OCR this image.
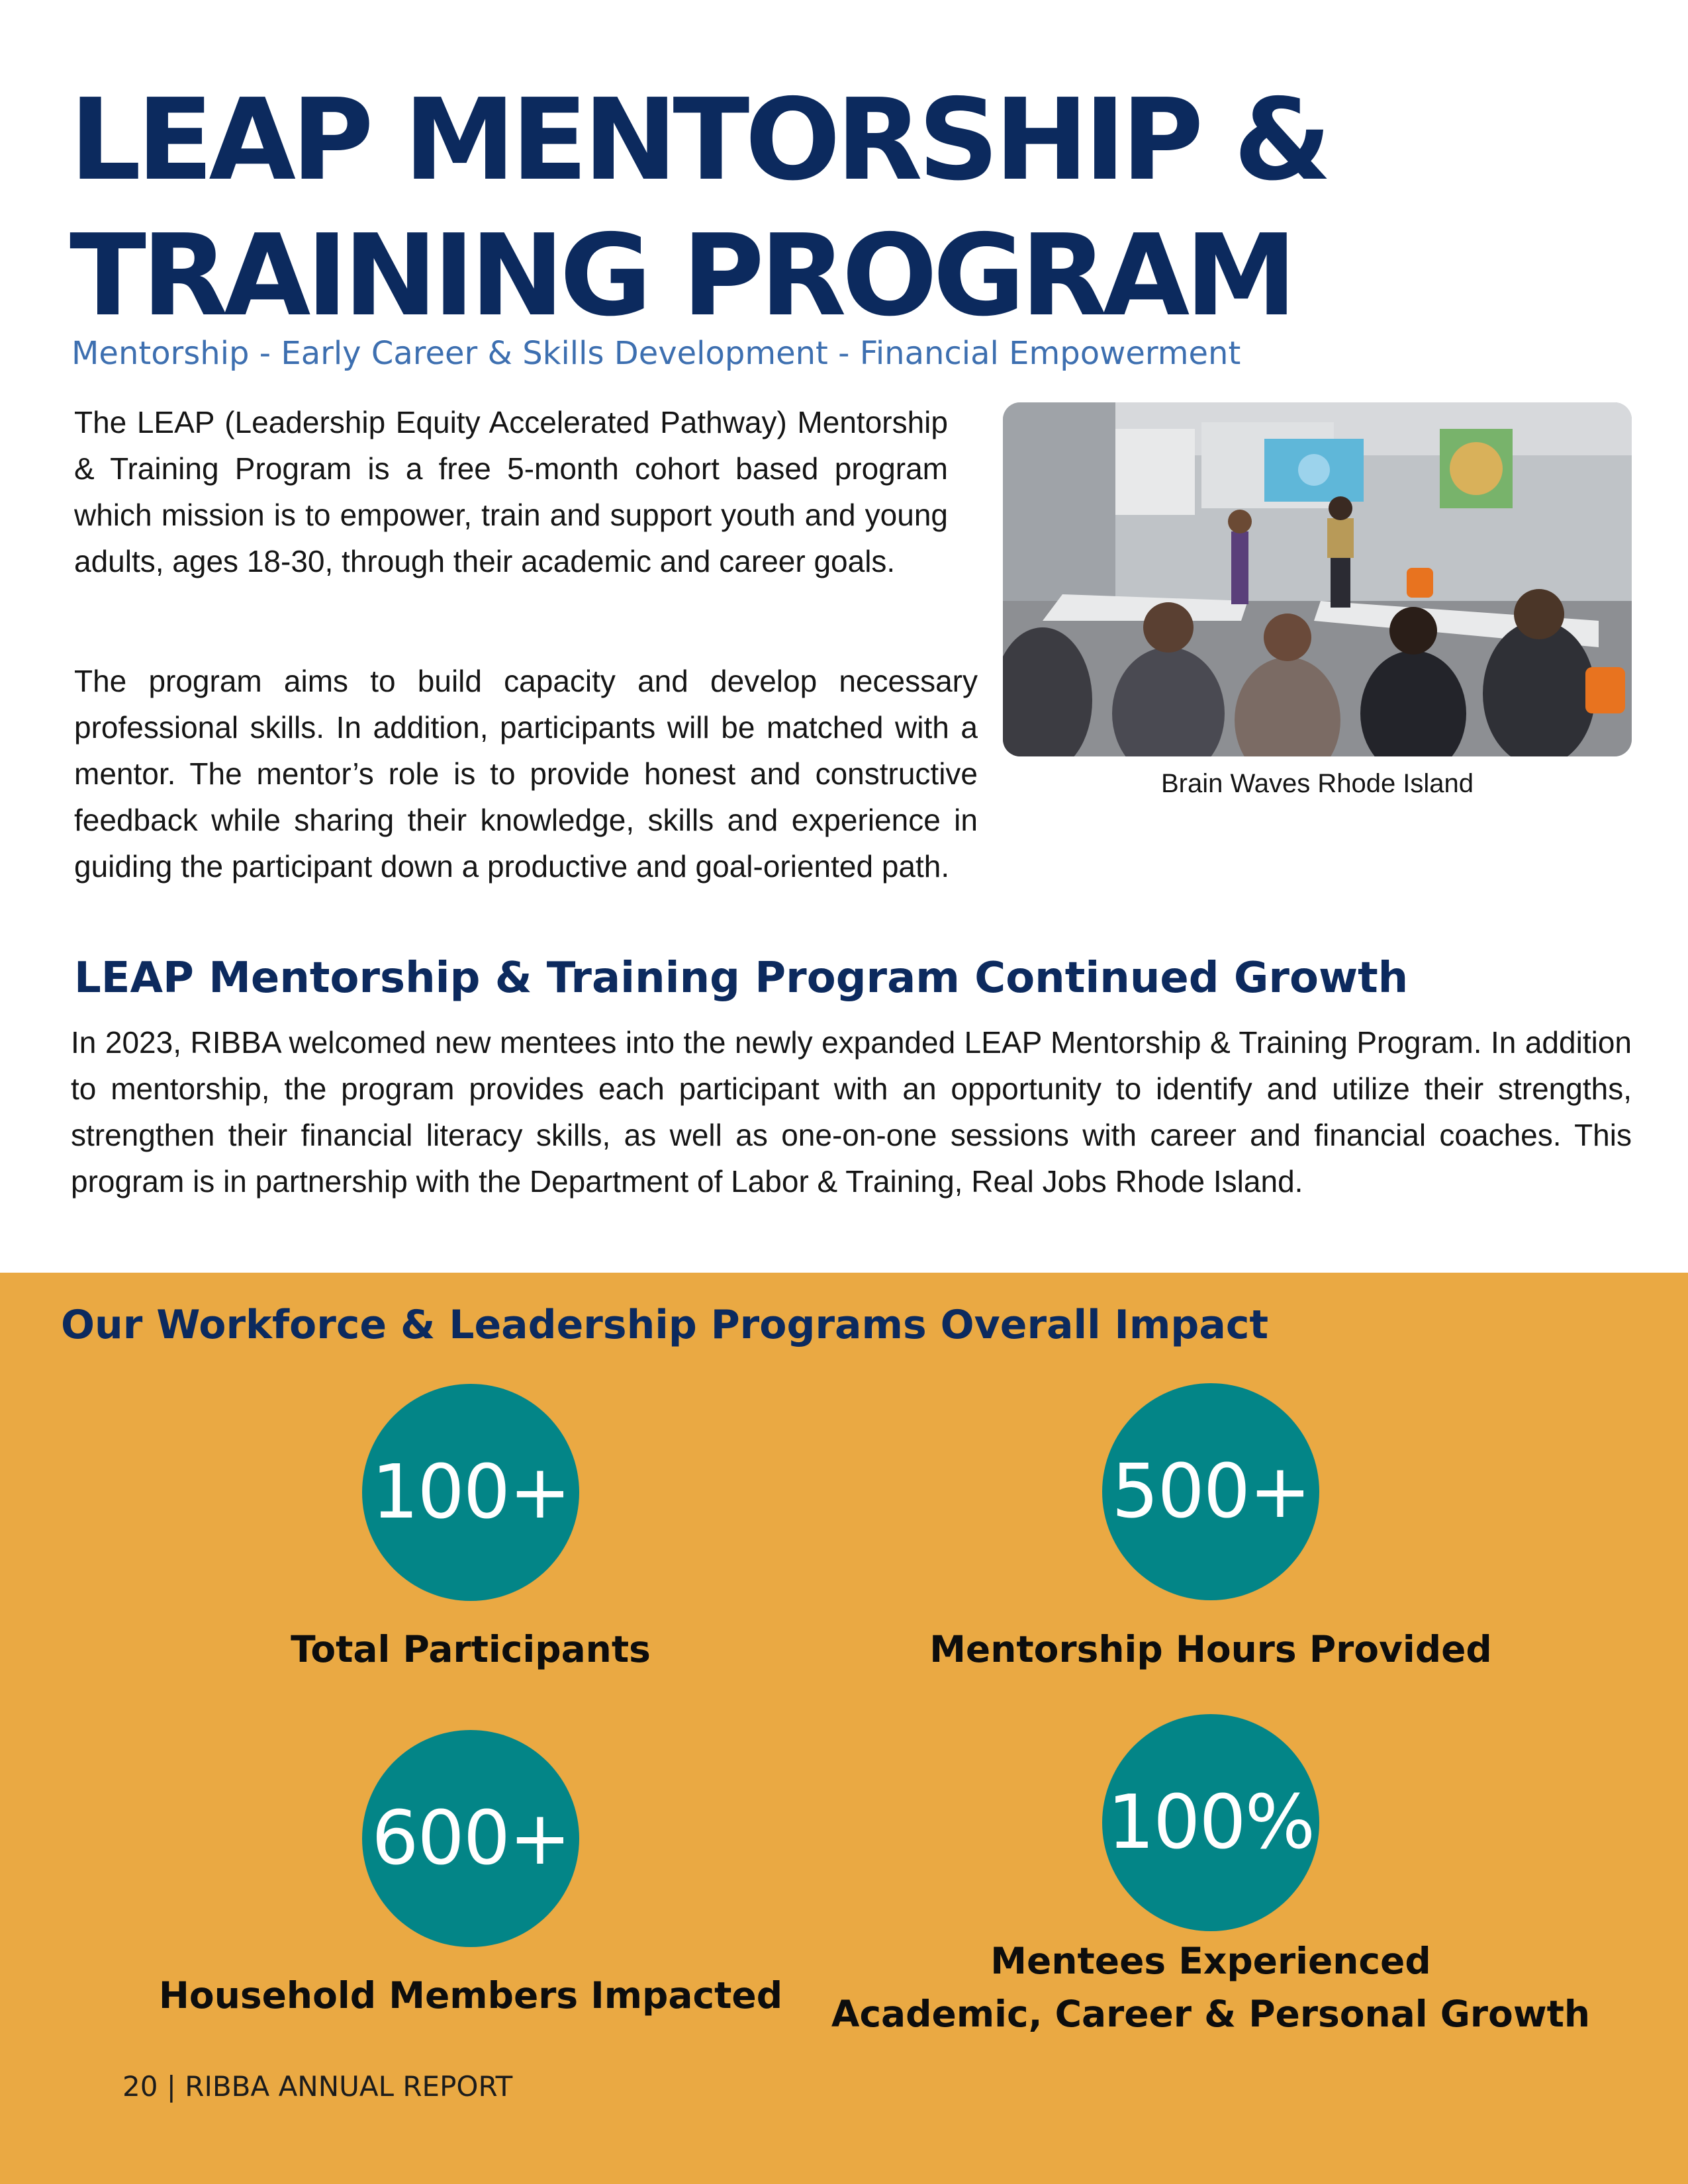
LEAP MENTORSHIP &
TRAINING PROGRAM
Mentorship - Early Career & Skills Development - Financial Empowerment

The LEAP (Leadership Equity Accelerated Pathway) Mentorship & Training Program is a free 5-month cohort based program which mission is to empower, train and support youth and young adults, ages 18-30, through their academic and career goals.

The program aims to build capacity and develop necessary professional skills. In addition, participants will be matched with a mentor. The mentor’s role is to provide honest and constructive feedback while sharing their knowledge, skills and experience in guiding the participant down a productive and goal-oriented path.

Brain Waves Rhode Island
LEAP Mentorship & Training Program Continued Growth

In 2023, RIBBA welcomed new mentees into the newly expanded LEAP Mentorship & Training Program. In addition to mentorship, the program provides each participant with an opportunity to identify and utilize their strengths, strengthen their financial literacy skills, as well as one-on-one sessions with career and financial coaches. This program is in partnership with the Department of Labor & Training, Real Jobs Rhode Island.

Our Workforce & Leadership Programs Overall Impact
100+
Total Participants
500+
Mentorship Hours Provided
600+
Household Members Impacted
100%
Mentees Experienced
Academic, Career & Personal Growth
20 | RIBBA ANNUAL REPORT
